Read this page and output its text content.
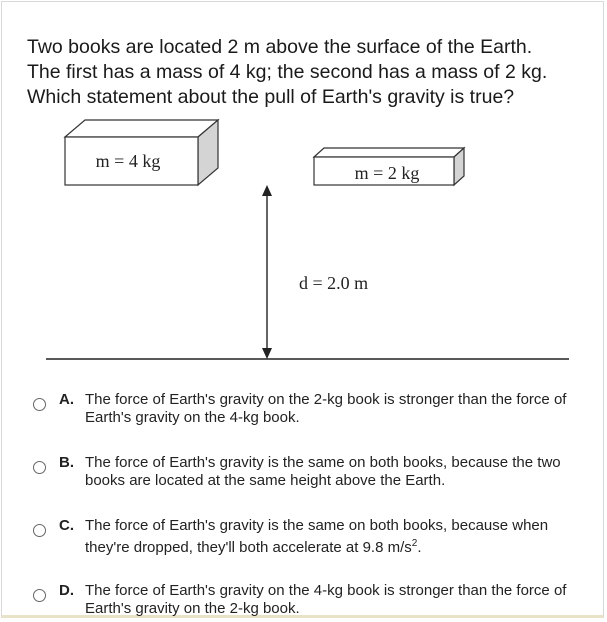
Two books are located 2 m above the surface of the Earth.
The first has a mass of 4 kg; the second has a mass of 2 kg.
Which statement about the pull of Earth's gravity is true?
m = 4 kg
m = 2 kg
d = 2.0 m
A. The force of Earth's gravity on the 2-kg book is stronger than the force of
Earth's gravity on the 4-kg book.
B. The force of Earth's gravity is the same on both books, because the two
books are located at the same height above the Earth.
C. The force of Earth's gravity is the same on both books, because when
they're dropped, they'll both accelerate at 9.8 $m/s^2$.
D. The force of Earth's gravity on the 4-kg book is stronger than the force of
Earth's gravity on the 2-kg book.
